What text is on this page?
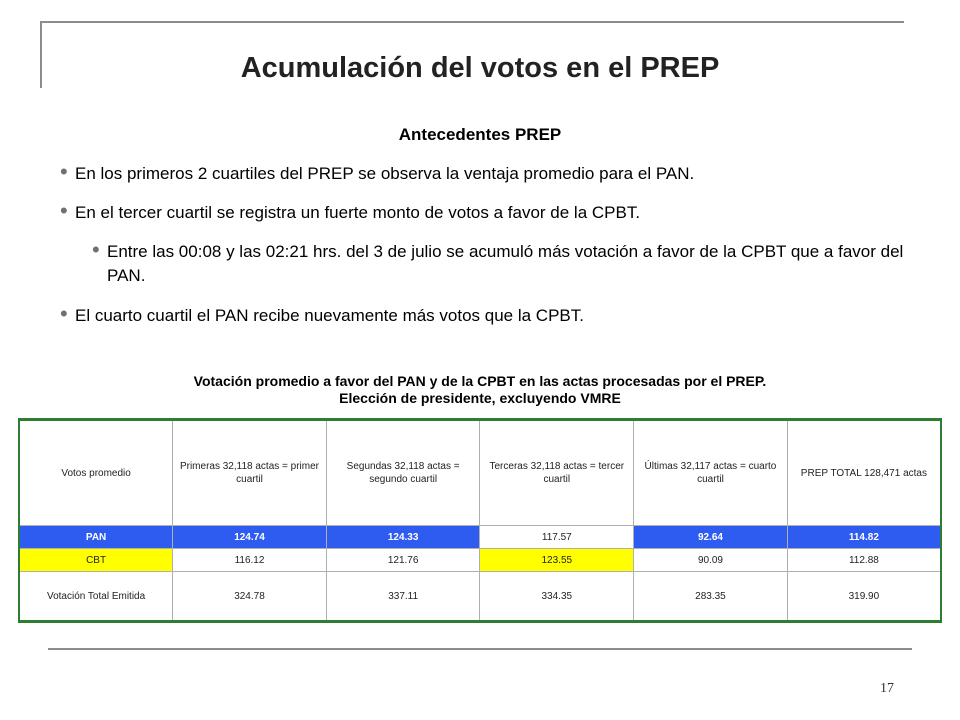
Acumulación del votos en el PREP
Antecedentes PREP
• En los primeros 2 cuartiles del PREP se observa la ventaja promedio para el PAN.
• En el tercer cuartil se registra un fuerte monto de votos a favor de la CPBT.
• Entre las 00:08 y las 02:21 hrs. del 3 de julio se acumuló más votación a favor de la CPBT que a favor del PAN.
• El cuarto cuartil el PAN recibe nuevamente más votos que la CPBT.
Votación promedio a favor del PAN y de la CPBT en las actas procesadas por el PREP.
Elección de presidente, excluyendo VMRE
Votos promedio	Primeras 32,118 actas = primer cuartil	Segundas 32,118 actas = segundo cuartil	Terceras 32,118 actas = tercer cuartil	Últimas 32,117 actas = cuarto cuartil	PREP TOTAL 128,471 actas
PAN	124.74	124.33	117.57	92.64	114.82
CBT	116.12	121.76	123.55	90.09	112.88
Votación Total Emitida	324.78	337.11	334.35	283.35	319.90
17
